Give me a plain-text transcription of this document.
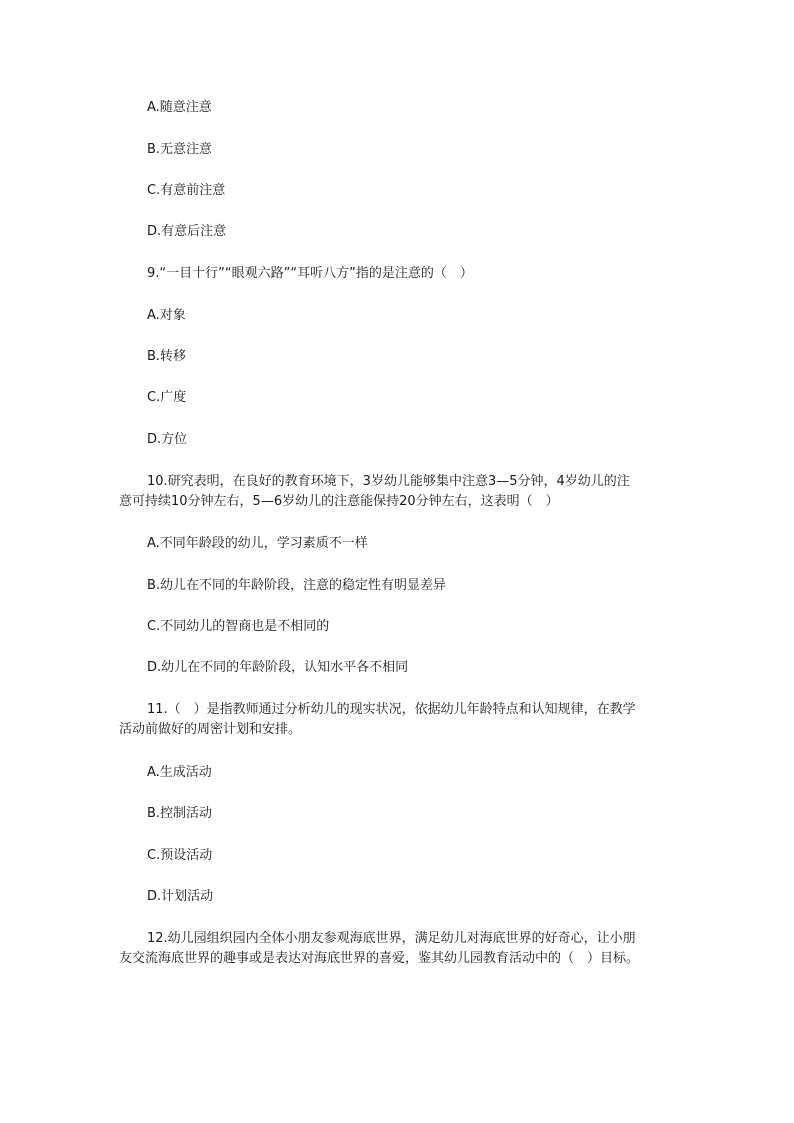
A.随意注意
B.无意注意
C.有意前注意
D.有意后注意
9.“一目十行”“眼观六路”“耳听八方”指的是注意的（　）
A.对象
B.转移
C.广度
D.方位
10.研究表明，在良好的教育环境下，3岁幼儿能够集中注意3—5分钟，4岁幼儿的注
意可持续10分钟左右，5—6岁幼儿的注意能保持20分钟左右，这表明（　）
A.不同年龄段的幼儿，学习素质不一样
B.幼儿在不同的年龄阶段，注意的稳定性有明显差异
C.不同幼儿的智商也是不相同的
D.幼儿在不同的年龄阶段，认知水平各不相同
11.（　）是指教师通过分析幼儿的现实状况，依据幼儿年龄特点和认知规律，在教学
活动前做好的周密计划和安排。
A.生成活动
B.控制活动
C.预设活动
D.计划活动
12.幼儿园组织园内全体小朋友参观海底世界，满足幼儿对海底世界的好奇心，让小朋
友交流海底世界的趣事或是表达对海底世界的喜爱，鉴其幼儿园教育活动中的（　）目标。
